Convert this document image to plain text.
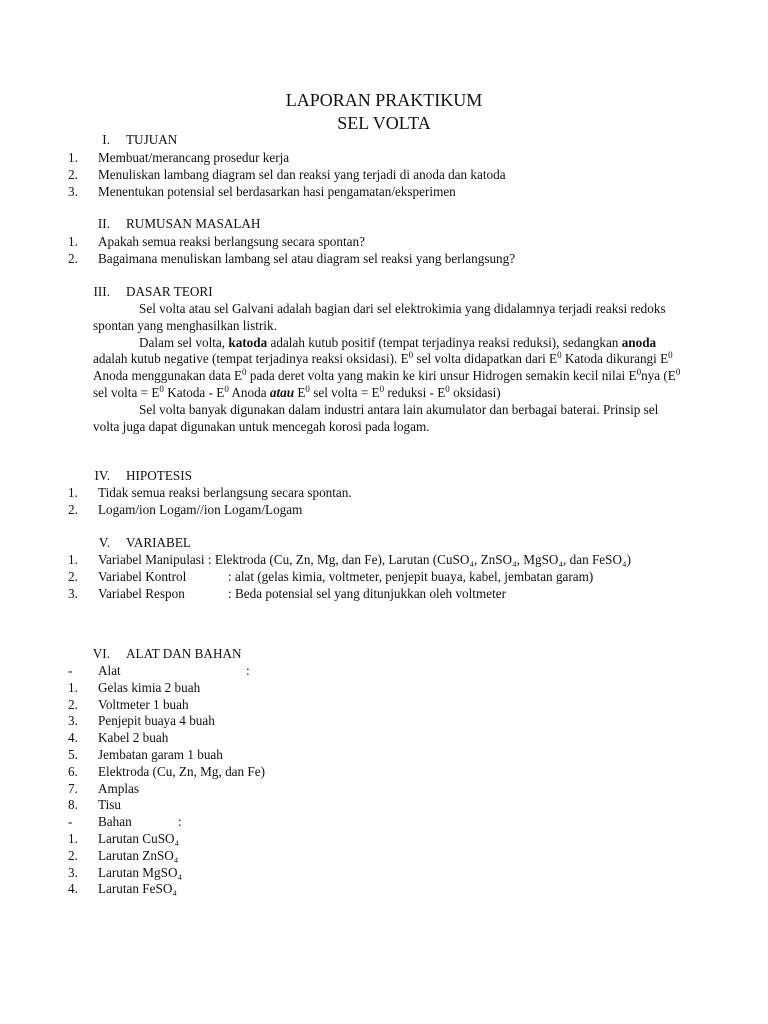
LAPORAN PRAKTIKUM
SEL VOLTA
I. TUJUAN
1.	Membuat/merancang prosedur kerja
2.	Menuliskan lambang diagram sel dan reaksi yang terjadi di anoda dan katoda
3.	Menentukan potensial sel berdasarkan hasi pengamatan/eksperimen
II. RUMUSAN MASALAH
1.	Apakah semua reaksi berlangsung secara spontan?
2.	Bagaimana menuliskan lambang sel atau diagram sel reaksi yang berlangsung?
III. DASAR TEORI

Sel volta atau sel Galvani adalah bagian dari sel elektrokimia yang didalamnya terjadi reaksi redoks spontan yang menghasilkan listrik.

Dalam sel volta, katoda adalah kutub positif (tempat terjadinya reaksi reduksi), sedangkan anoda adalah kutub negative (tempat terjadinya reaksi oksidasi). $E^0$ sel volta didapatkan dari $E^0$ Katoda dikurangi $E^0$ Anoda menggunakan data $E^0$ pada deret volta yang makin ke kiri unsur Hidrogen semakin kecil nilai $E^0nya$ ($E^0$ sel volta = $E^0$ Katoda - $E^0$ Anoda atau $E^0$ sel volta = $E^0$ reduksi - $E^0$ oksidasi)

Sel volta banyak digunakan dalam industri antara lain akumulator dan berbagai baterai. Prinsip sel volta juga dapat digunakan untuk mencegah korosi pada logam.

IV. HIPOTESIS
1.	Tidak semua reaksi berlangsung secara spontan.
2.	Logam/ion Logam//ion Logam/Logam
V. VARIABEL
1.	Variabel Manipulasi : Elektroda (Cu, Zn, Mg, dan Fe), Larutan (CuSO₄, ZnSO₄, MgSO₄, dan FeSO₄)
2.	Variabel Kontrol	: alat (gelas kimia, voltmeter, penjepit buaya, kabel, jembatan garam)
3.	Variabel Respon	: Beda potensial sel yang ditunjukkan oleh voltmeter
VI. ALAT DAN BAHAN
-	Alat	:
1.	Gelas kimia 2 buah
2.	Voltmeter 1 buah
3.	Penjepit buaya 4 buah
4.	Kabel 2 buah
5.	Jembatan garam 1 buah
6.	Elektroda (Cu, Zn, Mg, dan Fe)
7.	Amplas
8.	Tisu
-	Bahan	:
1.	Larutan CuSO₄
2.	Larutan ZnSO₄
3.	Larutan MgSO₄
4.	Larutan FeSO₄
